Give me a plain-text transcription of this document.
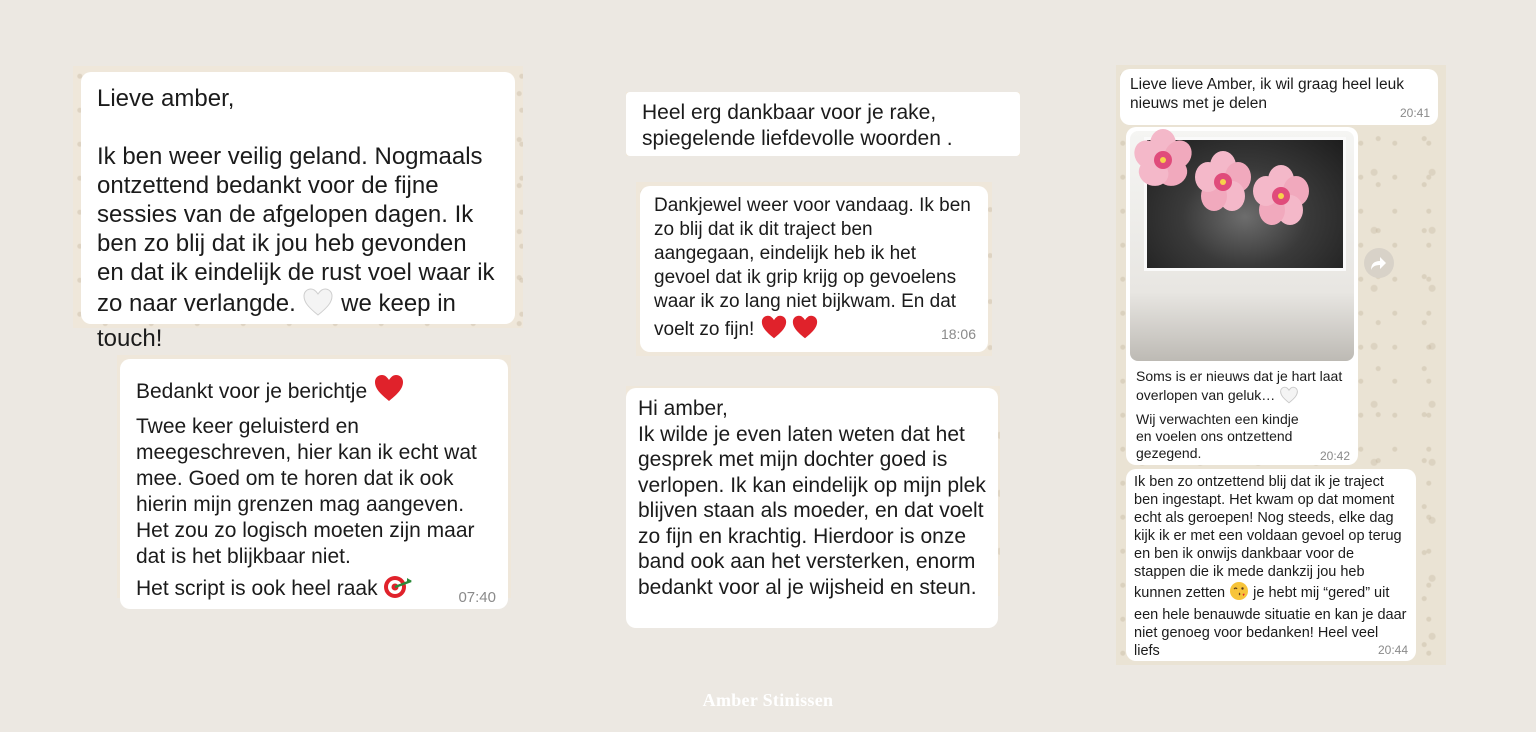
Lieve amber,

Ik ben weer veilig geland. Nogmaals ontzettend bedankt voor de fijne sessies van de afgelopen dagen. Ik ben zo blij dat ik jou heb gevonden en dat ik eindelijk de rust voel waar ik zo naar verlangde.  we keep in touch!
Bedankt voor je berichtje
Twee keer geluisterd en meegeschreven, hier kan ik echt wat mee. Goed om te horen dat ik ook hierin mijn grenzen mag aangeven. Het zou zo logisch moeten zijn maar dat is het blijkbaar niet.
Het script is ook heel raak	07:40
Heel erg dankbaar voor je rake, spiegelende liefdevolle woorden .
Dankjewel weer voor vandaag. Ik ben zo blij dat ik dit traject ben aangegaan, eindelijk heb ik het gevoel dat ik grip krijg op gevoelens waar ik zo lang niet bijkwam. En dat voelt zo fijn!	18:06
Hi amber,
Ik wilde je even laten weten dat het gesprek met mijn dochter goed is verlopen. Ik kan eindelijk op mijn plek blijven staan als moeder, en dat voelt zo fijn en krachtig. Hierdoor is onze band ook aan het versterken, enorm bedankt voor al je wijsheid en steun.
Lieve lieve Amber, ik wil graag heel leuk nieuws met je delen
20:41
Soms is er nieuws dat je hart laat overlopen van geluk…
Wij verwachten een kindje en voelen ons ontzettend gezegend.	20:42
Ik ben zo ontzettend blij dat ik je traject ben ingestapt. Het kwam op dat moment echt als geroepen! Nog steeds, elke dag kijk ik er met een voldaan gevoel op terug en ben ik onwijs dankbaar voor de stappen die ik mede dankzij jou heb kunnen zetten  je hebt mij “gered” uit een hele benauwde situatie en kan je daar niet genoeg voor bedanken! Heel veel liefs	20:44
Amber Stinissen
